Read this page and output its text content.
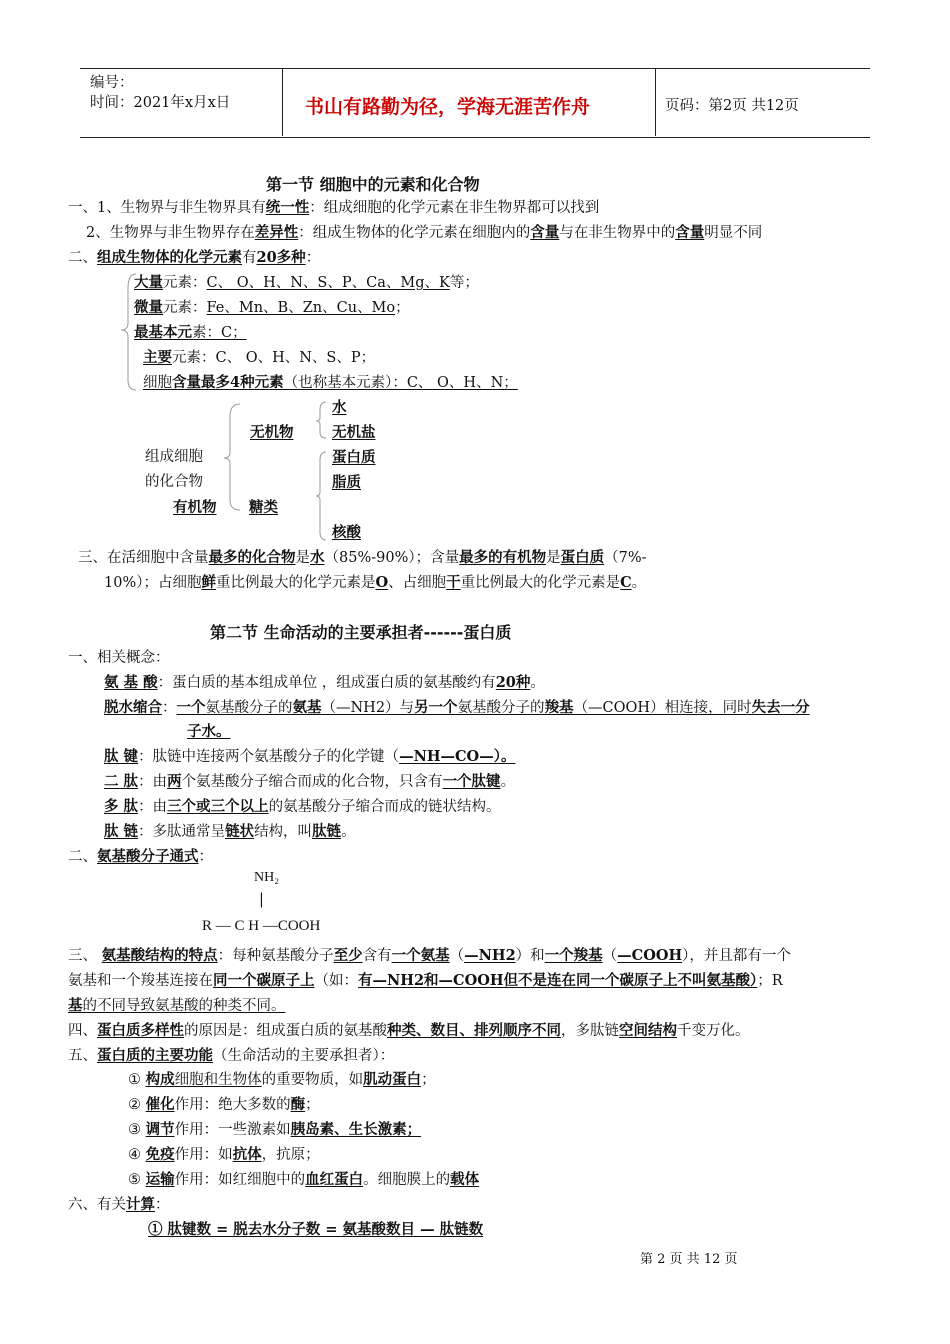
编号：
时间：2021年x月x日	书山有路勤为径，学海无涯苦作舟	页码：第2页 共12页
第一节 细胞中的元素和化合物
一、1、生物界与非生物界具有统一性：组成细胞的化学元素在非生物界都可以找到
2、生物界与非生物界存在差异性：组成生物体的化学元素在细胞内的含量与在非生物界中的含量明显不同
二、组成生物体的化学元素有20多种：
大量元素：C、 O、H、N、S、P、Ca、Mg、K等；
微量元素：Fe、Mn、B、Zn、Cu、Mo；
最基本元素：C；
主要元素：C、 O、H、N、S、P；
细胞含量最多4种元素（也称基本元素）：C、 O、H、N；
组成细胞
的化合物
无机物
有机物 糖类
水
无机盐
蛋白质
脂质
核酸
三、在活细胞中含量最多的化合物是水（85%-90%）；含量最多的有机物是蛋白质（7%-
10%）；占细胞鲜重比例最大的化学元素是O、占细胞干重比例最大的化学元素是C。
第二节 生命活动的主要承担者------蛋白质
一、相关概念：
氨 基 酸：蛋白质的基本组成单位 ，组成蛋白质的氨基酸约有20种。
脱水缩合：一个氨基酸分子的氨基（—NH2）与另一个氨基酸分子的羧基（—COOH）相连接，同时失去一分
子水。
肽 键：肽链中连接两个氨基酸分子的化学键（—NH—CO—）。
二 肽：由两个氨基酸分子缩合而成的化合物，只含有一个肽键。
多 肽：由三个或三个以上的氨基酸分子缩合而成的链状结构。
肽 链：多肽通常呈链状结构，叫肽链。
二、氨基酸分子通式：
NH₂
|
R — C H —COOH
三、 氨基酸结构的特点：每种氨基酸分子至少含有一个氨基（—NH2）和一个羧基（—COOH），并且都有一个
氨基和一个羧基连接在同一个碳原子上（如：有—NH2和—COOH但不是连在同一个碳原子上不叫氨基酸）；R
基的不同导致氨基酸的种类不同。
四、蛋白质多样性的原因是：组成蛋白质的氨基酸种类、数目、排列顺序不同，多肽链空间结构千变万化。
五、蛋白质的主要功能（生命活动的主要承担者）：
① 构成细胞和生物体的重要物质，如肌动蛋白；
② 催化作用：绝大多数的酶；
③ 调节作用：一些激素如胰岛素、生长激素；
④ 免疫作用：如抗体，抗原；
⑤ 运输作用：如红细胞中的血红蛋白。细胞膜上的载体
六、有关计算：
① 肽键数 = 脱去水分子数 = 氨基酸数目 — 肽链数
第 2 页 共 12 页
